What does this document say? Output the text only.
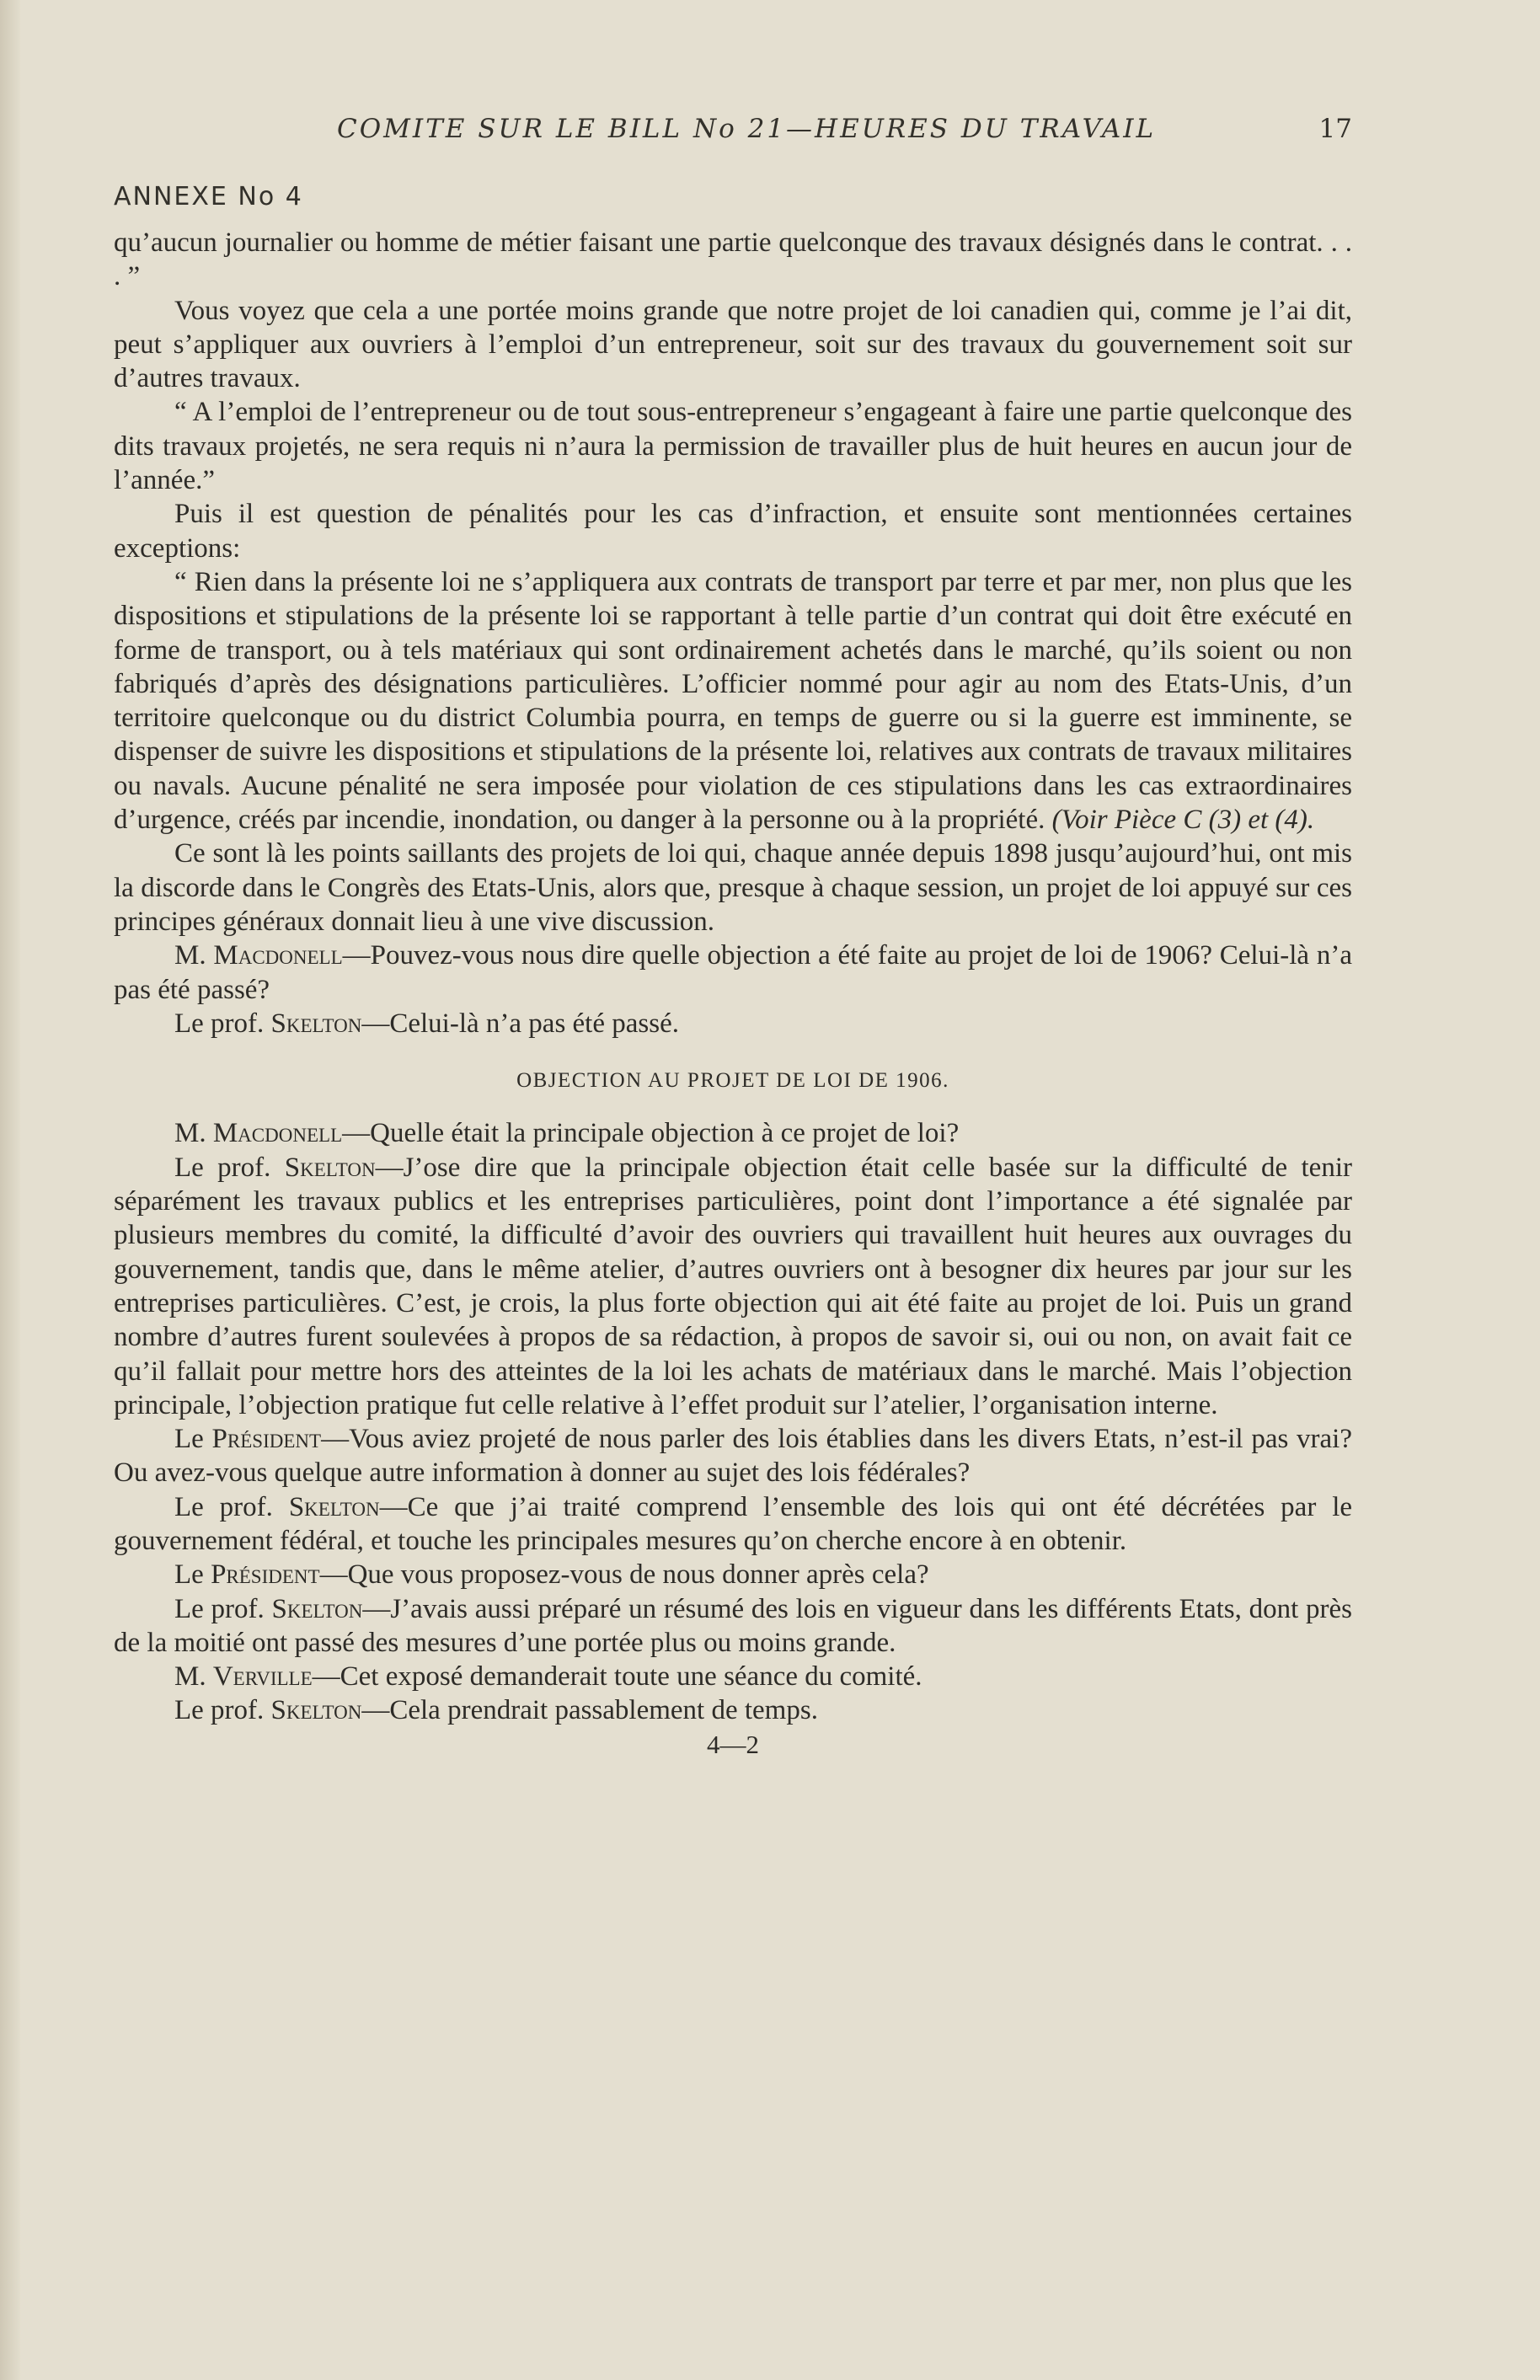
COMITE SUR LE BILL No 21—HEURES DU TRAVAIL	17
ANNEXE No 4

qu’aucun journalier ou homme de métier faisant une partie quelconque des travaux désignés dans le contrat. . . . ”

Vous voyez que cela a une portée moins grande que notre projet de loi canadien qui, comme je l’ai dit, peut s’appliquer aux ouvriers à l’emploi d’un entrepreneur, soit sur des travaux du gouvernement soit sur d’autres travaux.

“ A l’emploi de l’entrepreneur ou de tout sous-entrepreneur s’engageant à faire une partie quelconque des dits travaux projetés, ne sera requis ni n’aura la permission de travailler plus de huit heures en aucun jour de l’année.”

Puis il est question de pénalités pour les cas d’infraction, et ensuite sont mentionnées certaines exceptions:

“ Rien dans la présente loi ne s’appliquera aux contrats de transport par terre et par mer, non plus que les dispositions et stipulations de la présente loi se rapportant à telle partie d’un contrat qui doit être exécuté en forme de transport, ou à tels matériaux qui sont ordinairement achetés dans le marché, qu’ils soient ou non fabriqués d’après des désignations particulières. L’officier nommé pour agir au nom des Etats-Unis, d’un territoire quelconque ou du district Columbia pourra, en temps de guerre ou si la guerre est imminente, se dispenser de suivre les dispositions et stipulations de la présente loi, relatives aux contrats de travaux militaires ou navals. Aucune pénalité ne sera imposée pour violation de ces stipulations dans les cas extraordinaires d’urgence, créés par incendie, inondation, ou danger à la personne ou à la propriété. (Voir Pièce C (3) et (4).

Ce sont là les points saillants des projets de loi qui, chaque année depuis 1898 jusqu’aujourd’hui, ont mis la discorde dans le Congrès des Etats-Unis, alors que, presque à chaque session, un projet de loi appuyé sur ces principes généraux donnait lieu à une vive discussion.

M. Macdonell—Pouvez-vous nous dire quelle objection a été faite au projet de loi de 1906? Celui-là n’a pas été passé?

Le prof. Skelton—Celui-là n’a pas été passé.

OBJECTION AU PROJET DE LOI DE 1906.

M. Macdonell—Quelle était la principale objection à ce projet de loi?

Le prof. Skelton—J’ose dire que la principale objection était celle basée sur la difficulté de tenir séparément les travaux publics et les entreprises particulières, point dont l’importance a été signalée par plusieurs membres du comité, la difficulté d’avoir des ouvriers qui travaillent huit heures aux ouvrages du gouvernement, tandis que, dans le même atelier, d’autres ouvriers ont à besogner dix heures par jour sur les entreprises particulières. C’est, je crois, la plus forte objection qui ait été faite au projet de loi. Puis un grand nombre d’autres furent soulevées à propos de sa rédaction, à propos de savoir si, oui ou non, on avait fait ce qu’il fallait pour mettre hors des atteintes de la loi les achats de matériaux dans le marché. Mais l’objection principale, l’objection pratique fut celle relative à l’effet produit sur l’atelier, l’organisation interne.

Le Président—Vous aviez projeté de nous parler des lois établies dans les divers Etats, n’est-il pas vrai? Ou avez-vous quelque autre information à donner au sujet des lois fédérales?

Le prof. Skelton—Ce que j’ai traité comprend l’ensemble des lois qui ont été décrétées par le gouvernement fédéral, et touche les principales mesures qu’on cherche encore à en obtenir.

Le Président—Que vous proposez-vous de nous donner après cela?

Le prof. Skelton—J’avais aussi préparé un résumé des lois en vigueur dans les différents Etats, dont près de la moitié ont passé des mesures d’une portée plus ou moins grande.

M. Verville—Cet exposé demanderait toute une séance du comité.

Le prof. Skelton—Cela prendrait passablement de temps.

4—2
